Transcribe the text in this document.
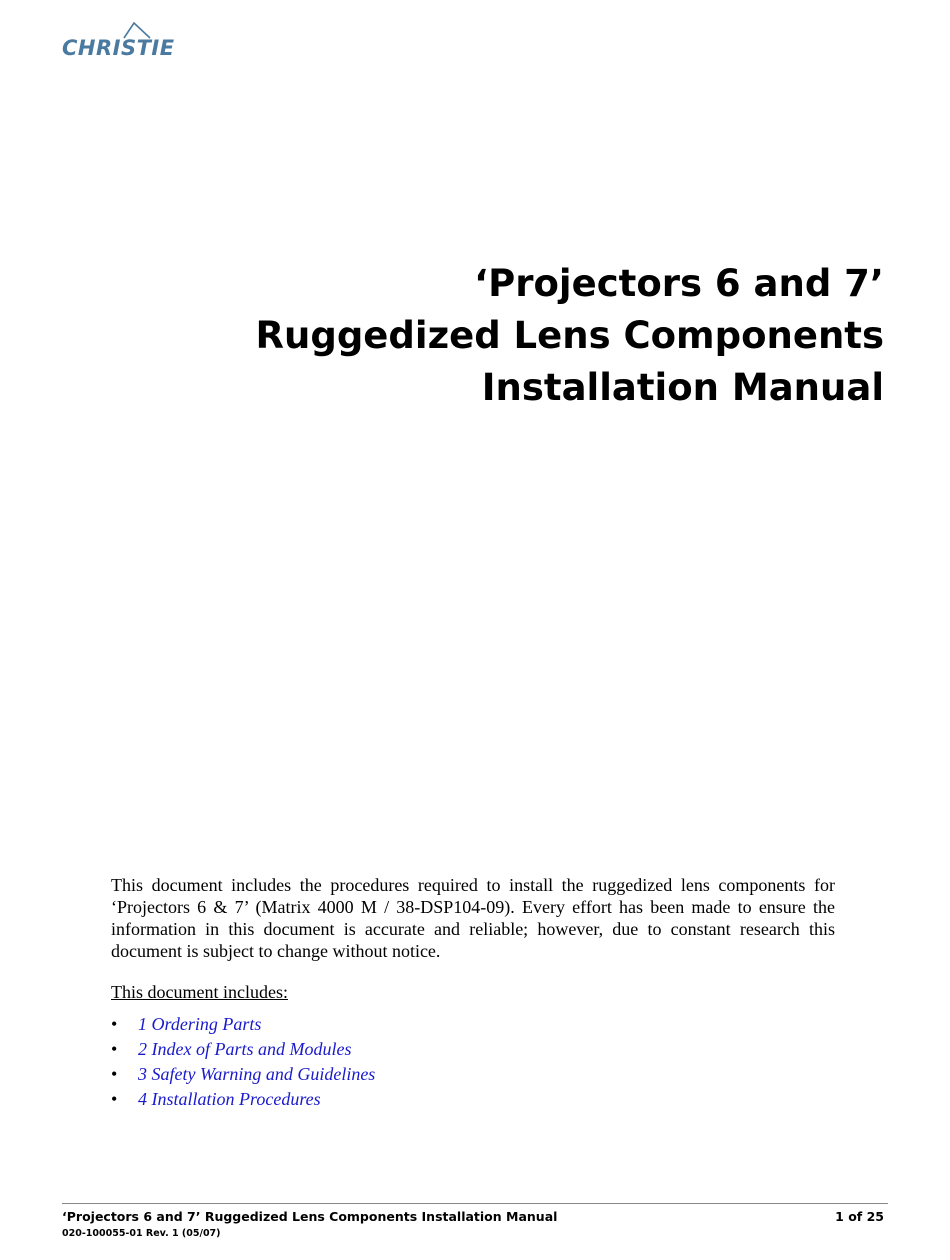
CHRISTIE
‘Projectors 6 and 7’
Ruggedized Lens Components
Installation Manual

This document includes the procedures required to install the ruggedized lens components for ‘Projectors 6 & 7’ (Matrix 4000 M / 38-DSP104-09). Every effort has been made to ensure the information in this document is accurate and reliable; however, due to constant research this document is subject to change without notice.

This document includes:

• 1 Ordering Parts
• 2 Index of Parts and Modules
• 3 Safety Warning and Guidelines
• 4 Installation Procedures
‘Projectors 6 and 7’ Ruggedized Lens Components Installation Manual	1 of 25
020-100055-01 Rev. 1 (05/07)
